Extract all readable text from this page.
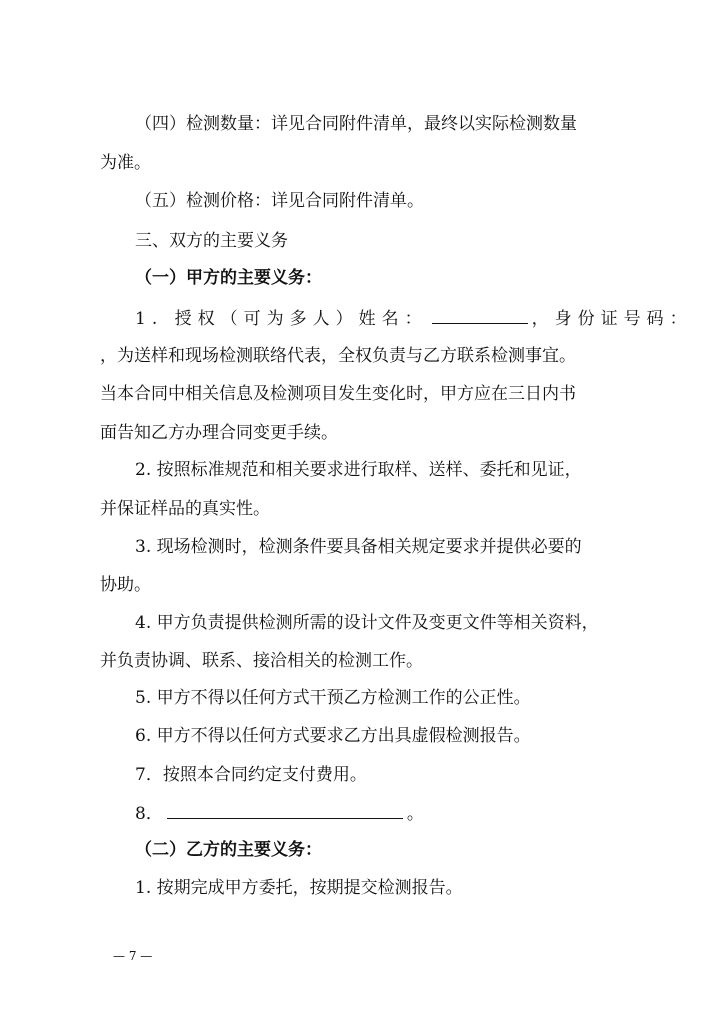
（四）检测数量：详见合同附件清单，最终以实际检测数量
为准。
（五）检测价格：详见合同附件清单。
三、双方的主要义务
（一）甲方的主要义务：
1. 授权（可为多人）姓名：	，身份证号码：
，为送样和现场检测联络代表，全权负责与乙方联系检测事宜。
当本合同中相关信息及检测项目发生变化时，甲方应在三日内书
面告知乙方办理合同变更手续。
2. 按照标准规范和相关要求进行取样、送样、委托和见证，
并保证样品的真实性。
3. 现场检测时，检测条件要具备相关规定要求并提供必要的
协助。
4. 甲方负责提供检测所需的设计文件及变更文件等相关资料，
并负责协调、联系、接洽相关的检测工作。
5. 甲方不得以任何方式干预乙方检测工作的公正性。
6. 甲方不得以任何方式要求乙方出具虚假检测报告。
7．按照本合同约定支付费用。
8．	。
（二）乙方的主要义务：
1. 按期完成甲方委托，按期提交检测报告。
— 7 —
